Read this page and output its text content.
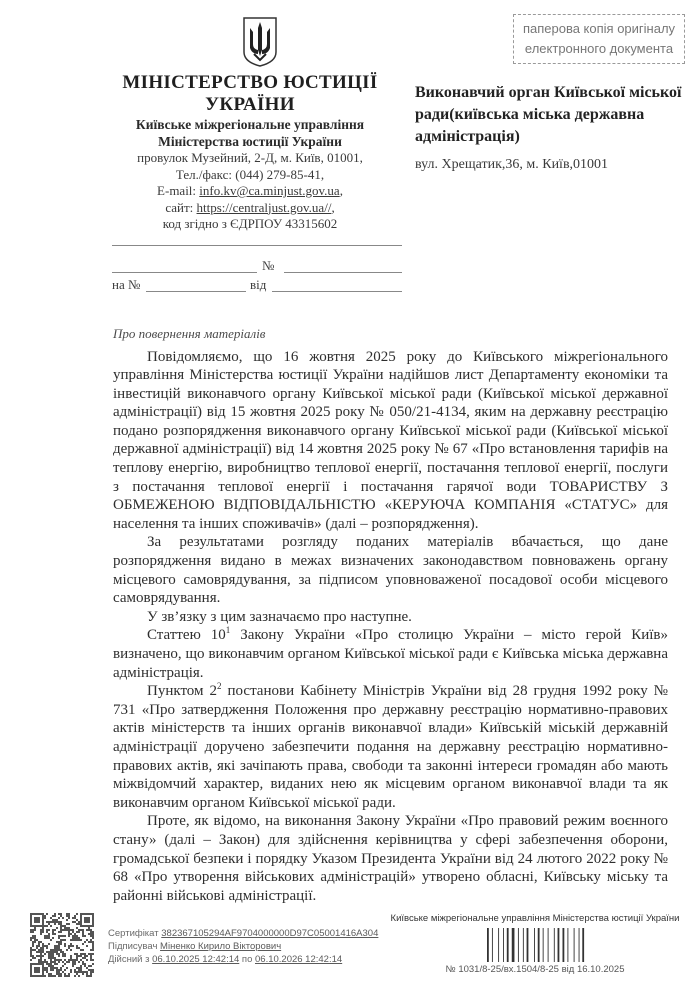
паперова копія оригіналу
електронного документа
МІНІСТЕРСТВО ЮСТИЦІЇ
УКРАЇНИ
Київське міжрегіональне управління
Міністерства юстиції України
провулок Музейний, 2-Д, м. Київ, 01001,
Тел./факс: (044) 279-85-41,
E-mail: info.kv@ca.minjust.gov.ua,
сайт: https://centraljust.gov.ua//,
код згідно з ЄДРПОУ 43315602
Виконавчий орган Київської міської ради(київська міська державна адміністрація)
вул. Хрещатик,36, м. Київ,01001
№
на №	від
Про повернення матеріалів

Повідомляємо, що 16 жовтня 2025 року до Київського міжрегіонального управління Міністерства юстиції України надійшов лист Департаменту економіки та інвестицій виконавчого органу Київської міської ради (Київської міської державної адміністрації) від 15 жовтня 2025 року № 050/21-4134, яким на державну реєстрацію подано розпорядження виконавчого органу Київської міської ради (Київської міської державної адміністрації) від 14 жовтня 2025 року № 67 «Про встановлення тарифів на теплову енергію, виробництво теплової енергії, постачання теплової енергії, послуги з постачання теплової енергії і постачання гарячої води ТОВАРИСТВУ З ОБМЕЖЕНОЮ ВІДПОВІДАЛЬНІСТЮ «КЕРУЮЧА КОМПАНІЯ «СТАТУС» для населення та інших споживачів» (далі – розпорядження).

За результатами розгляду поданих матеріалів вбачається, що дане розпорядження видано в межах визначених законодавством повноважень органу місцевого самоврядування, за підписом уповноваженої посадової особи місцевого самоврядування.

У зв’язку з цим зазначаємо про наступне.

Статтею $10^1$ Закону України «Про столицю України – місто герой Київ» визначено, що виконавчим органом Київської міської ради є Київська міська державна адміністрація.

Пунктом $2^2$ постанови Кабінету Міністрів України від 28 грудня 1992 року № 731 «Про затвердження Положення про державну реєстрацію нормативно-правових актів міністерств та інших органів виконавчої влади» Київській міській державній адміністрації доручено забезпечити подання на державну реєстрацію нормативно-правових актів, які зачіпають права, свободи та законні інтереси громадян або мають міжвідомчий характер, виданих нею як місцевим органом виконавчої влади та як виконавчим органом Київської міської ради.

Проте, як відомо, на виконання Закону України «Про правовий режим воєнного стану» (далі – Закон) для здійснення керівництва у сфері забезпечення оборони, громадської безпеки і порядку Указом Президента України від 24 лютого 2022 року № 68 «Про утворення військових адміністрацій» утворено обласні, Київську міську та районні військові адміністрації.

Сертифікат 382367105294AF9704000000D97C05001416A304
Підписувач Міненко Кирило Вікторович
Дійсний з 06.10.2025 12:42:14 по 06.10.2026 12:42:14
Київське міжрегіональне управління Міністерства юстиції України
№ 1031/8-25/вх.1504/8-25 від 16.10.2025
